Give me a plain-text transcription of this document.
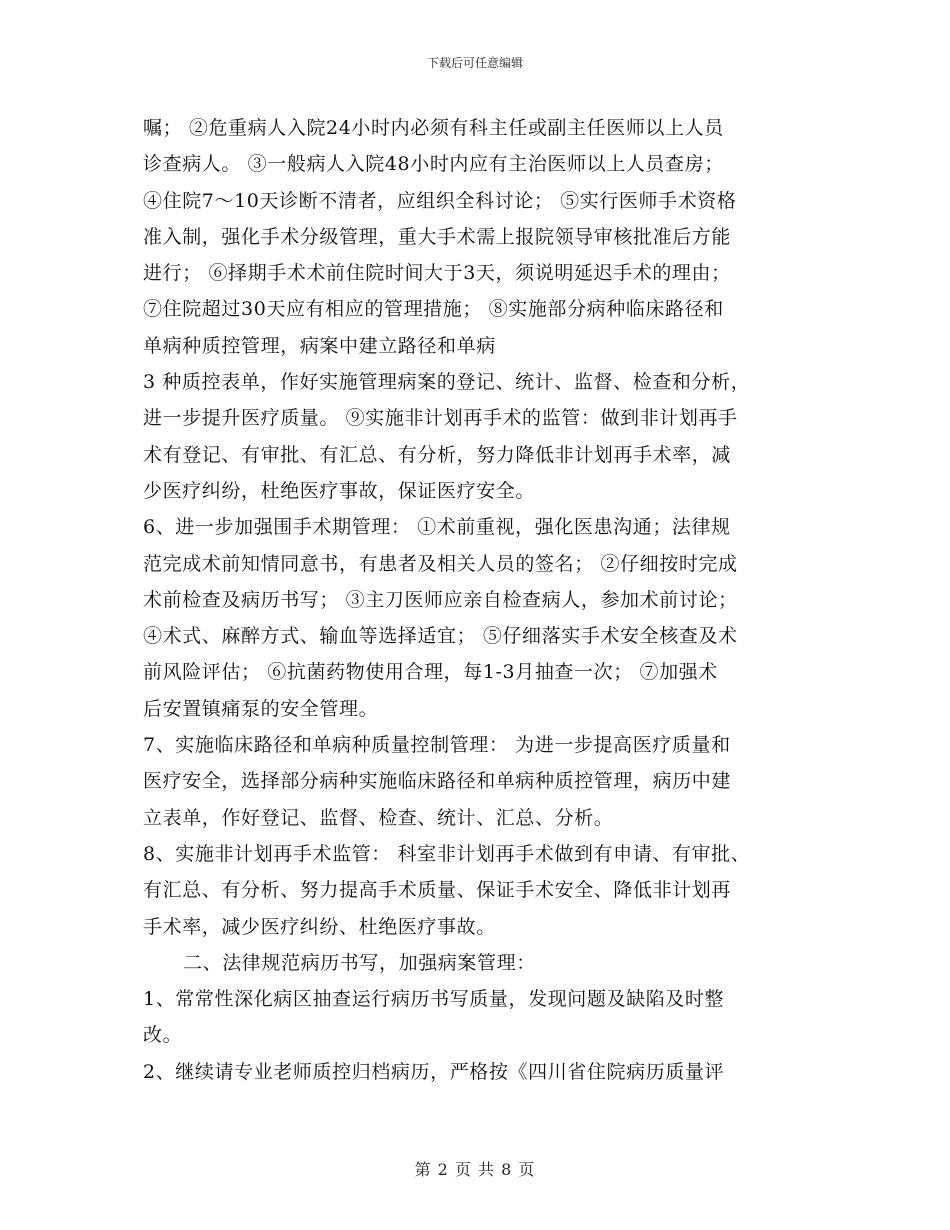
下载后可任意编辑
嘱； ②危重病人入院24小时内必须有科主任或副主任医师以上人员
诊查病人。 ③一般病人入院48小时内应有主治医师以上人员查房；
④住院7～10天诊断不清者，应组织全科讨论； ⑤实行医师手术资格
准入制，强化手术分级管理，重大手术需上报院领导审核批准后方能
进行； ⑥择期手术术前住院时间大于3天，须说明延迟手术的理由；
⑦住院超过30天应有相应的管理措施； ⑧实施部分病种临床路径和
单病种质控管理，病案中建立路径和单病
3 种质控表单，作好实施管理病案的登记、统计、监督、检查和分析，
进一步提升医疗质量。 ⑨实施非计划再手术的监管：做到非计划再手
术有登记、有审批、有汇总、有分析，努力降低非计划再手术率，减
少医疗纠纷，杜绝医疗事故，保证医疗安全。
6、进一步加强围手术期管理： ①术前重视，强化医患沟通；法律规
范完成术前知情同意书，有患者及相关人员的签名； ②仔细按时完成
术前检查及病历书写； ③主刀医师应亲自检查病人，参加术前讨论；
④术式、麻醉方式、输血等选择适宜； ⑤仔细落实手术安全核查及术
前风险评估； ⑥抗菌药物使用合理，每1-3月抽查一次； ⑦加强术
后安置镇痛泵的安全管理。
7、实施临床路径和单病种质量控制管理： 为进一步提高医疗质量和
医疗安全，选择部分病种实施临床路径和单病种质控管理，病历中建
立表单，作好登记、监督、检查、统计、汇总、分析。
8、实施非计划再手术监管： 科室非计划再手术做到有申请、有审批、
有汇总、有分析、努力提高手术质量、保证手术安全、降低非计划再
手术率，减少医疗纠纷、杜绝医疗事故。
二、法律规范病历书写，加强病案管理：
1、常常性深化病区抽查运行病历书写质量，发现问题及缺陷及时整
改。
2、继续请专业老师质控归档病历，严格按《四川省住院病历质量评
第 2 页 共 8 页
